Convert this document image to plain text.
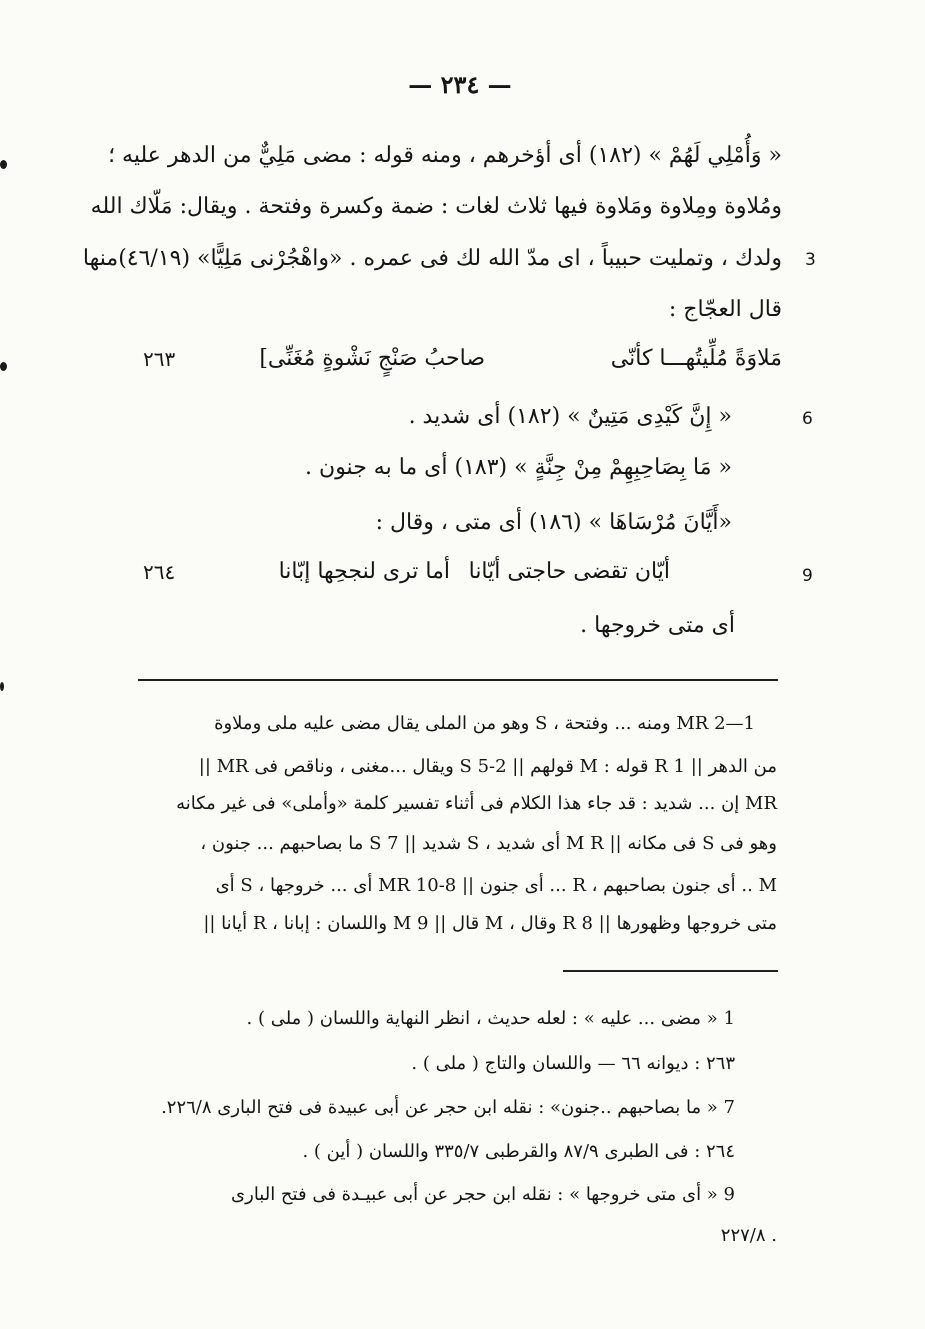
— ٢٣٤ —
« وَأُمْلِي لَهُمْ » (١٨٢) أى أؤخرهم ، ومنه قوله : مضى مَلِيٌّ من الدهر عليه ؛
ومُلاوة ومِلاوة ومَلاوة فيها ثلاث لغات : ضمة وكسرة وفتحة . ويقال: مَلّاك الله
ولدك ، وتمليت حبيباً ، اى مدّ الله لك فى عمره . «واهْجُرْنى مَلِيًّا» (٤٦/١٩)منها 3
قال العجّاج :
مَلاوَةً مُلِّيتُهـــا كأنّى
صاحبُ صَنْجٍ نَشْوةٍ مُغَنِّى]
٢٦٣
« إِنَّ كَيْدِى مَتِينٌ » (١٨٢) أى شديد .	6
« مَا بِصَاحِبِهِمْ مِنْ جِنَّةٍ » (١٨٣) أى ما به جنون .
«أَيَّانَ مُرْسَاهَا » (١٨٦) أى متى ، وقال :
أيّان تقضى حاجتى أيّانا
أما ترى لنجحِها إبّانا
٢٦٤	9
أى متى خروجها .
1—2 MR ومنه ... وفتحة ، S وهو من الملى يقال مضى عليه ملى وملاوة
من الدهر || 1 R قوله : M قولهم || 2-5 S ويقال ...مغنى ، وناقص فى MR ||
MR إن ... شديد : قد جاء هذا الكلام فى أثناء تفسير كلمة «وأملى» فى غير مكانه
وهو فى S فى مكانه || M R أى شديد ، S شديد || 7 S ما بصاحبهم ... جنون ،
M .. أى جنون بصاحبهم ، R ... أى جنون || 8-10 MR أى ... خروجها ، S أى
متى خروجها وظهورها || 8 R وقال ، M قال || 9 M واللسان : إبانا ، R أيانا ||
1 « مضى ... عليه » : لعله حديث ، انظر النهاية واللسان ( ملى ) .
٢٦٣ : ديوانه ٦٦ — واللسان والتاج ( ملى ) .
7 « ما بصاحبهم ..جنون» : نقله ابن حجر عن أبى عبيدة فى فتح البارى ٢٢٦/٨.
٢٦٤ : فى الطبرى ٨٧/٩ والقرطبى ٣٣٥/٧ واللسان ( أين ) .
9 « أى متى خروجها » : نقله ابن حجر عن أبى عبيـدة فى فتح البارى
. ٢٢٧/٨
